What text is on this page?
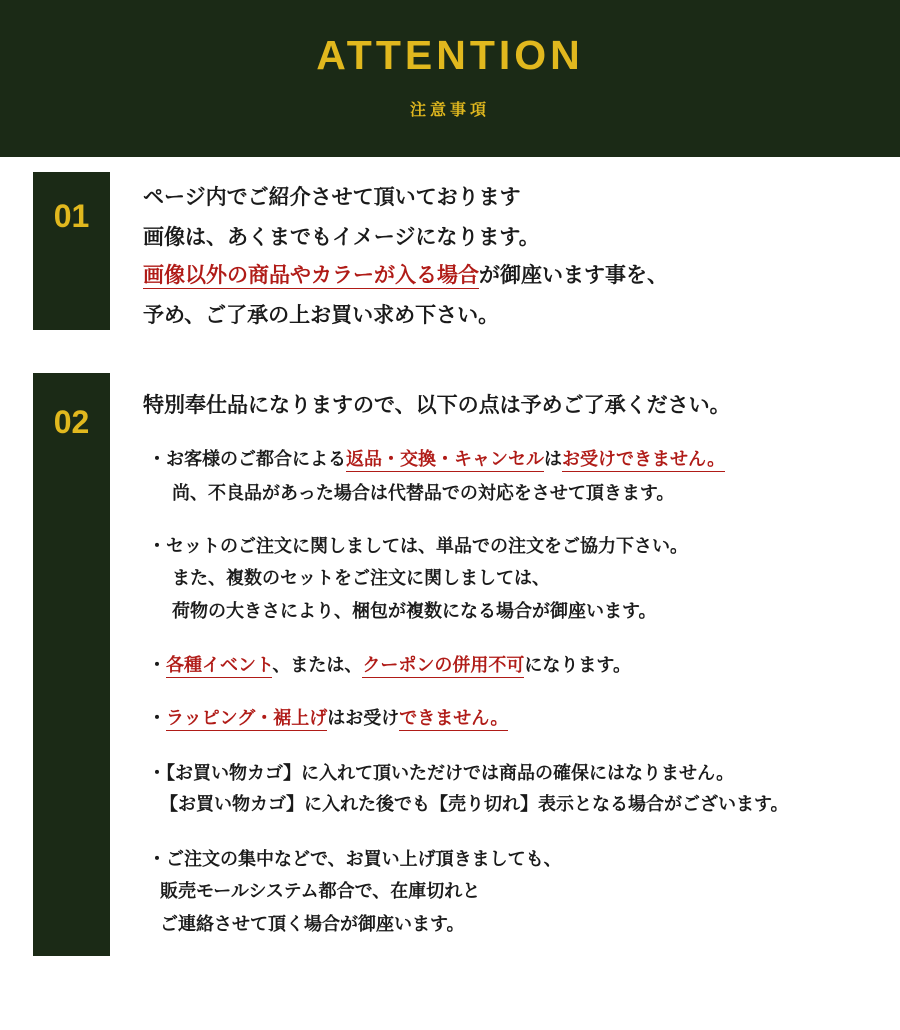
ATTENTION
注意事項
01
ページ内でご紹介させて頂いております
画像は、あくまでもイメージになります。
画像以外の商品やカラーが入る場合が御座います事を、
予め、ご了承の上お買い求め下さい。
02	特別奉仕品になりますので、以下の点は予めご了承ください。
・お客様のご都合による返品・交換・キャンセルはお受けできません。
尚、不良品があった場合は代替品での対応をさせて頂きます。
・セットのご注文に関しましては、単品での注文をご協力下さい。
また、複数のセットをご注文に関しましては、
荷物の大きさにより、梱包が複数になる場合が御座います。
・各種イベント、または、クーポンの併用不可になります。
・ラッピング・裾上げはお受けできません。
・【お買い物カゴ】に入れて頂いただけでは商品の確保にはなりません。
【お買い物カゴ】に入れた後でも【売り切れ】表示となる場合がございます。
・ご注文の集中などで、お買い上げ頂きましても、
販売モールシステム都合で、在庫切れと
ご連絡させて頂く場合が御座います。
